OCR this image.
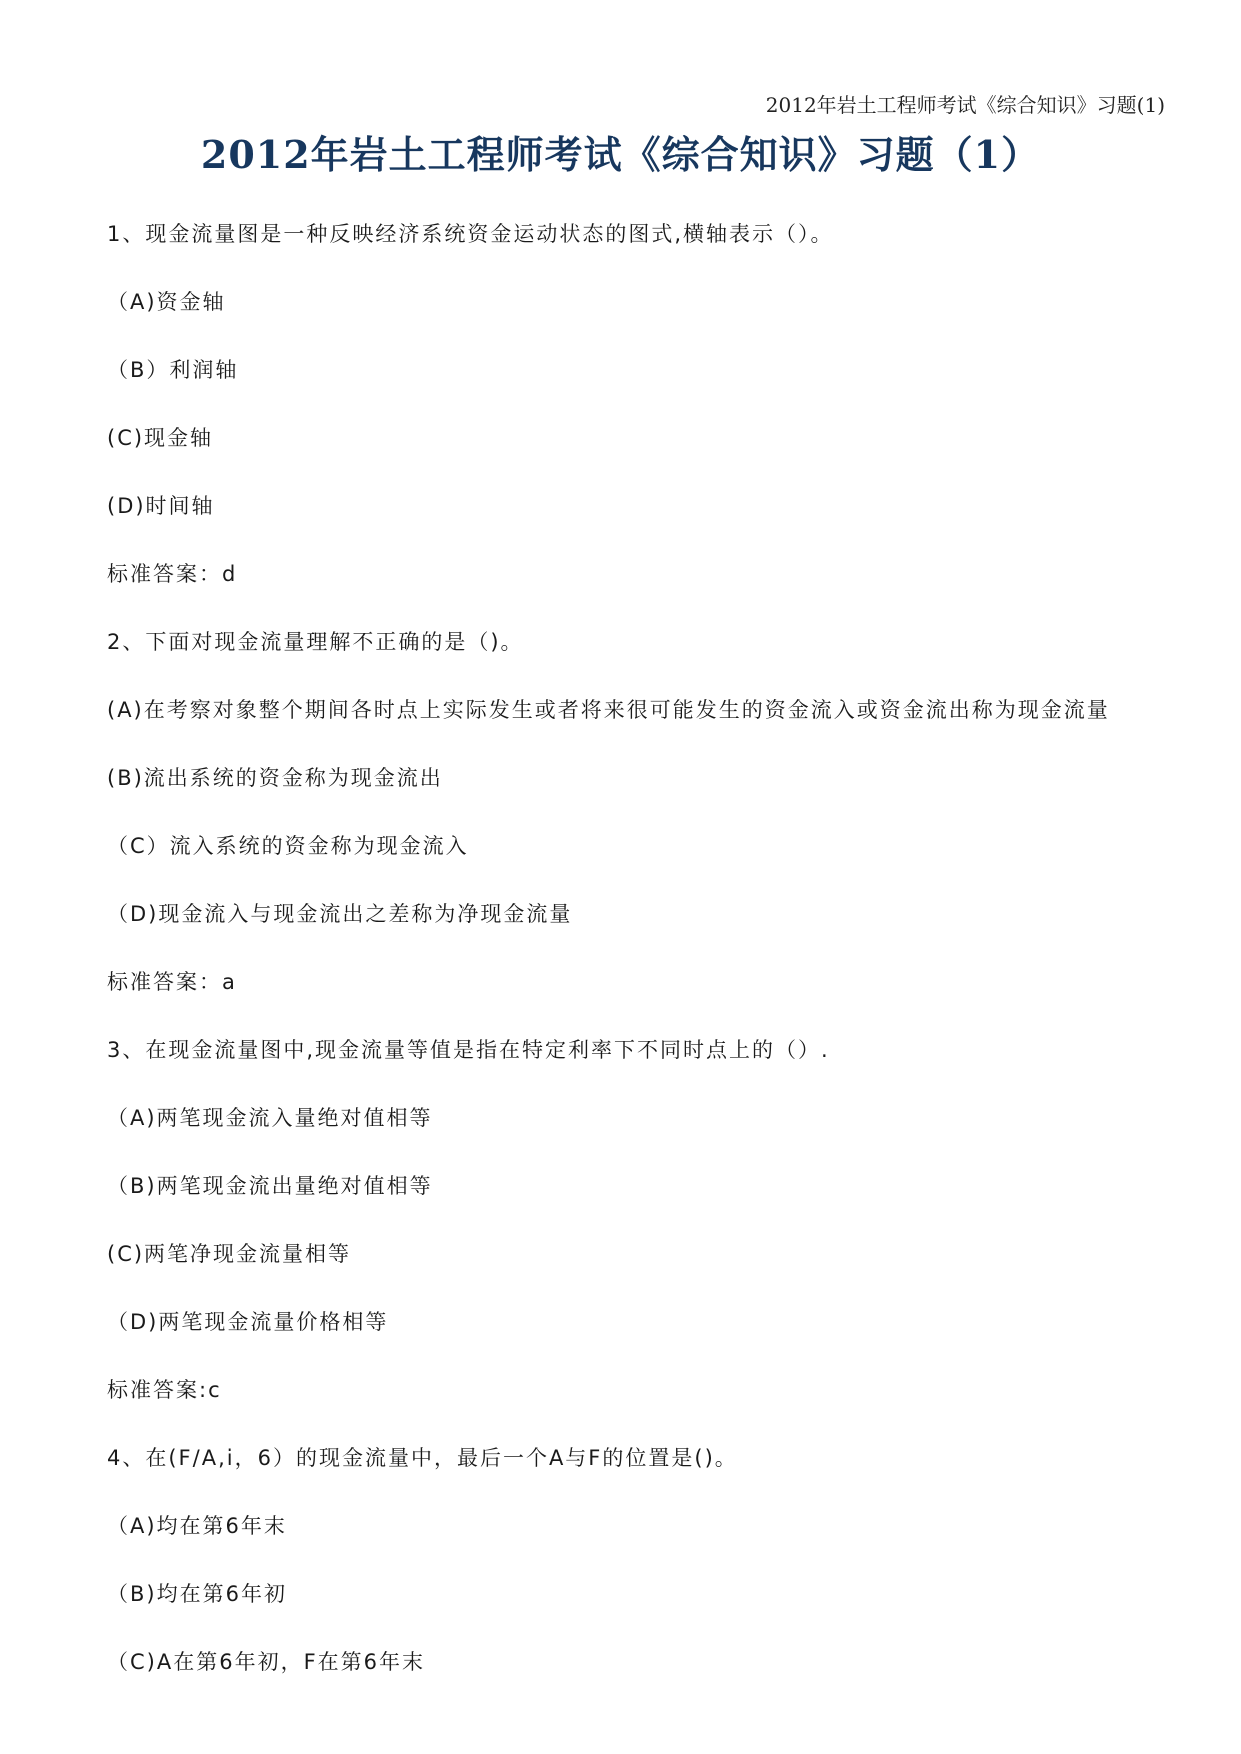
2012年岩土工程师考试《综合知识》习题(1)
2012年岩土工程师考试《综合知识》习题（1）
1、现金流量图是一种反映经济系统资金运动状态的图式,横轴表示（）。
（A)资金轴
（B）利润轴
(C)现金轴
(D)时间轴
标准答案：d
2、下面对现金流量理解不正确的是（)。
(A)在考察对象整个期间各时点上实际发生或者将来很可能发生的资金流入或资金流出称为现金流量
(B)流出系统的资金称为现金流出
（C）流入系统的资金称为现金流入
（D)现金流入与现金流出之差称为净现金流量
标准答案：a
3、在现金流量图中,现金流量等值是指在特定利率下不同时点上的（）.
（A)两笔现金流入量绝对值相等
（B)两笔现金流出量绝对值相等
(C)两笔净现金流量相等
（D)两笔现金流量价格相等
标准答案:c
4、在(F/A,i，6）的现金流量中，最后一个A与F的位置是()。
（A)均在第6年末
（B)均在第6年初
（C)A在第6年初，F在第6年末
